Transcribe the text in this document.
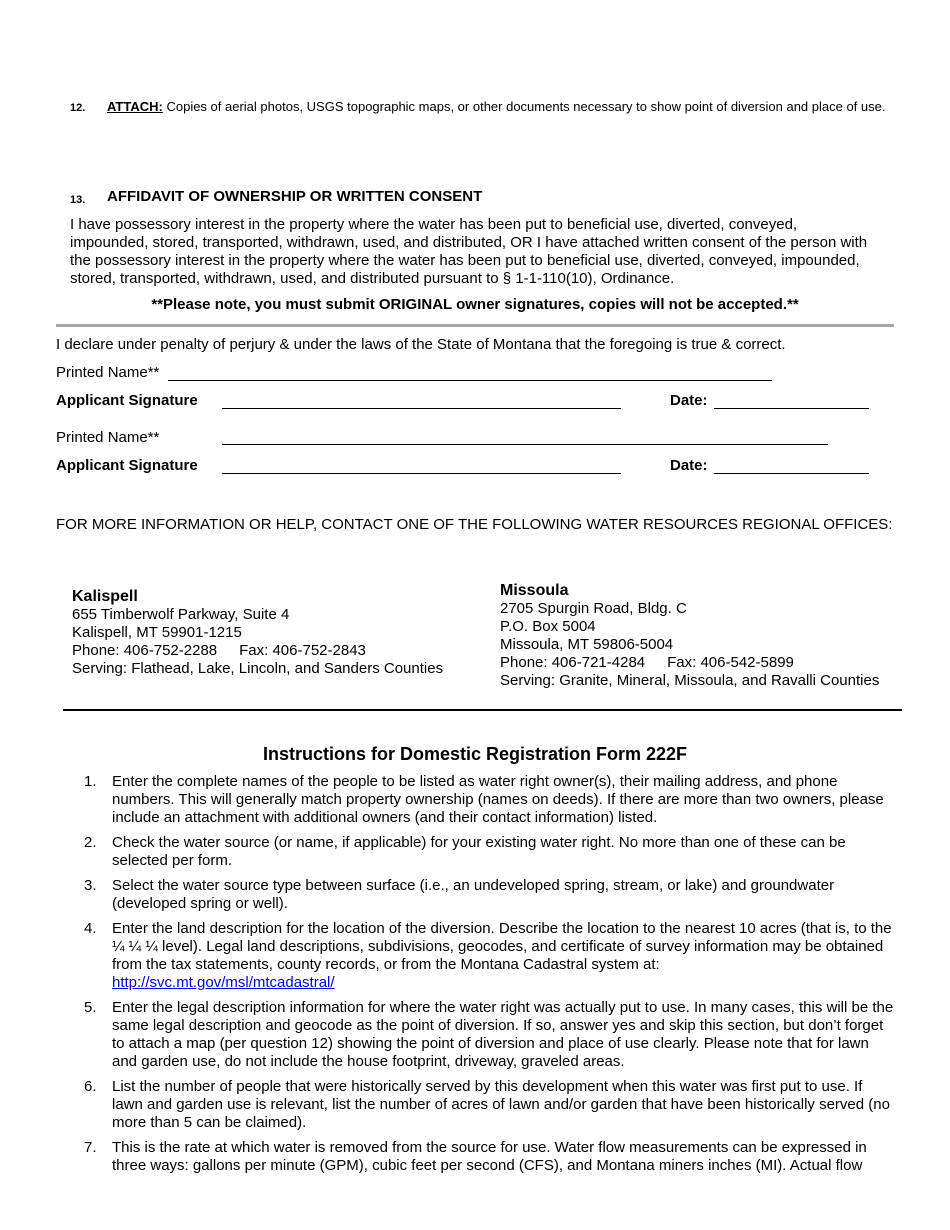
12. ATTACH: Copies of aerial photos, USGS topographic maps, or other documents necessary to show point of diversion and place of use.
13. AFFIDAVIT OF OWNERSHIP OR WRITTEN CONSENT
I have possessory interest in the property where the water has been put to beneficial use, diverted, conveyed, impounded, stored, transported, withdrawn, used, and distributed, OR I have attached written consent of the person with the possessory interest in the property where the water has been put to beneficial use, diverted, conveyed, impounded, stored, transported, withdrawn, used, and distributed pursuant to § 1-1-110(10), Ordinance.
**Please note, you must submit ORIGINAL owner signatures, copies will not be accepted.**
I declare under penalty of perjury & under the laws of the State of Montana that the foregoing is true & correct.
Printed Name**
Applicant Signature	Date:
Printed Name**
Applicant Signature	Date:
FOR MORE INFORMATION OR HELP, CONTACT ONE OF THE FOLLOWING WATER RESOURCES REGIONAL OFFICES:
Kalispell
655 Timberwolf Parkway, Suite 4
Kalispell, MT 59901-1215
Phone: 406-752-2288 Fax: 406-752-2843
Serving: Flathead, Lake, Lincoln, and Sanders Counties
Missoula
2705 Spurgin Road, Bldg. C
P.O. Box 5004
Missoula, MT 59806-5004
Phone: 406-721-4284 Fax: 406-542-5899
Serving: Granite, Mineral, Missoula, and Ravalli Counties
Instructions for Domestic Registration Form 222F
1. Enter the complete names of the people to be listed as water right owner(s), their mailing address, and phone numbers. This will generally match property ownership (names on deeds). If there are more than two owners, please include an attachment with additional owners (and their contact information) listed.
2. Check the water source (or name, if applicable) for your existing water right. No more than one of these can be selected per form.
3. Select the water source type between surface (i.e., an undeveloped spring, stream, or lake) and groundwater (developed spring or well).
4. Enter the land description for the location of the diversion. Describe the location to the nearest 10 acres (that is, to the ¼ ¼ ¼ level). Legal land descriptions, subdivisions, geocodes, and certificate of survey information may be obtained from the tax statements, county records, or from the Montana Cadastral system at:
http://svc.mt.gov/msl/mtcadastral/
5. Enter the legal description information for where the water right was actually put to use. In many cases, this will be the same legal description and geocode as the point of diversion. If so, answer yes and skip this section, but don’t forget to attach a map (per question 12) showing the point of diversion and place of use clearly. Please note that for lawn and garden use, do not include the house footprint, driveway, graveled areas.
6. List the number of people that were historically served by this development when this water was first put to use. If lawn and garden use is relevant, list the number of acres of lawn and/or garden that have been historically served (no more than 5 can be claimed).
7. This is the rate at which water is removed from the source for use. Water flow measurements can be expressed in three ways: gallons per minute (GPM), cubic feet per second (CFS), and Montana miners inches (MI). Actual flow
